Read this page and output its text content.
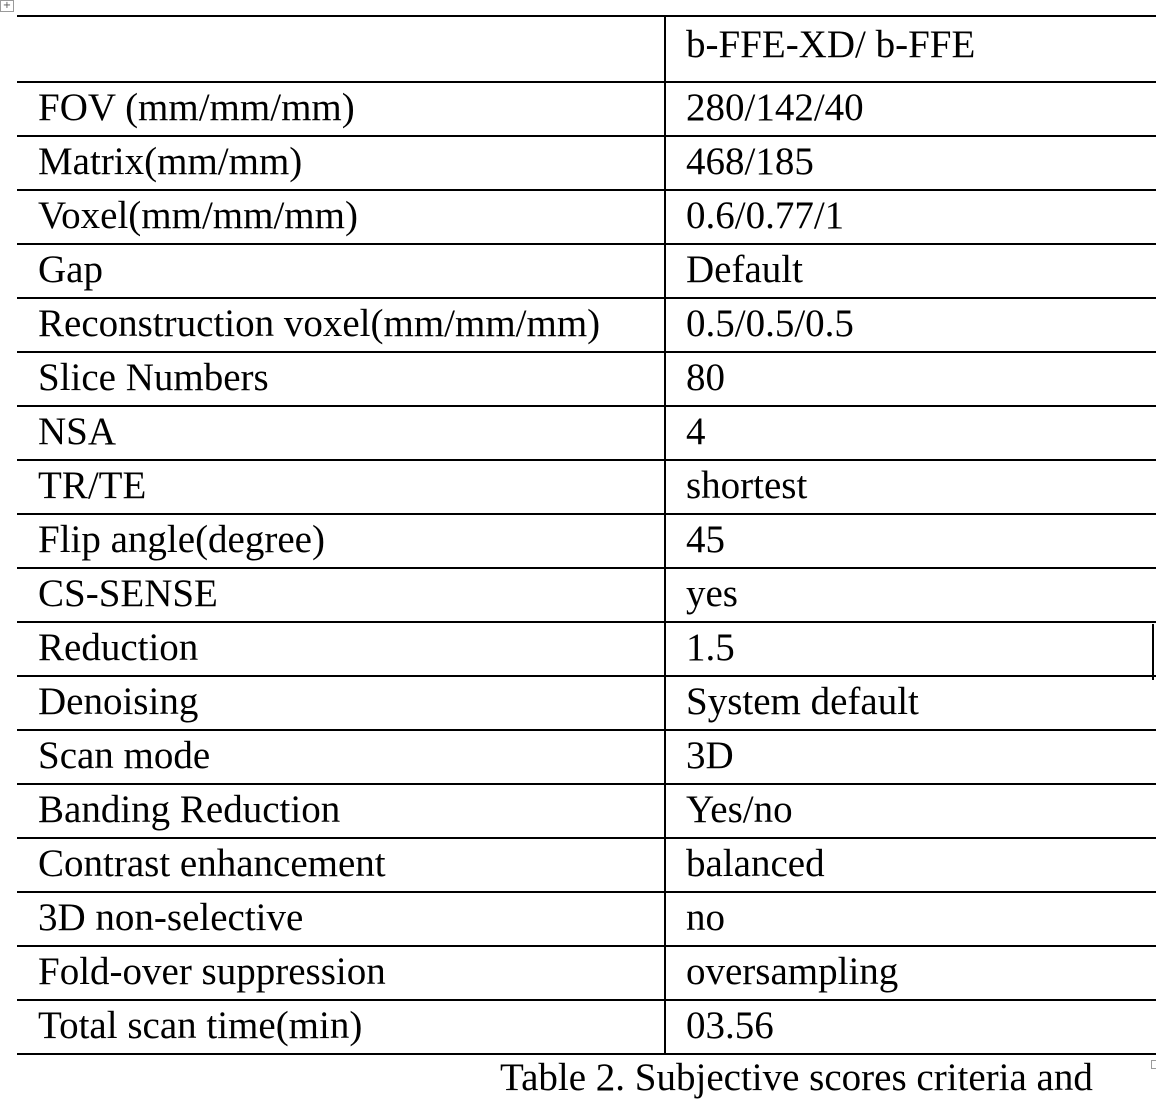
+
	b-FFE-XD/ b-FFE
FOV (mm/mm/mm)	280/142/40
Matrix(mm/mm)	468/185
Voxel(mm/mm/mm)	0.6/0.77/1
Gap	Default
Reconstruction voxel(mm/mm/mm)	0.5/0.5/0.5
Slice Numbers	80
NSA	4
TR/TE	shortest
Flip angle(degree)	45
CS-SENSE	yes
Reduction	1.5
Denoising	System default
Scan mode	3D
Banding Reduction	Yes/no
Contrast enhancement	balanced
3D non-selective	no
Fold-over suppression	oversampling
Total scan time(min)	03.56
Table 2. Subjective scores criteria and
